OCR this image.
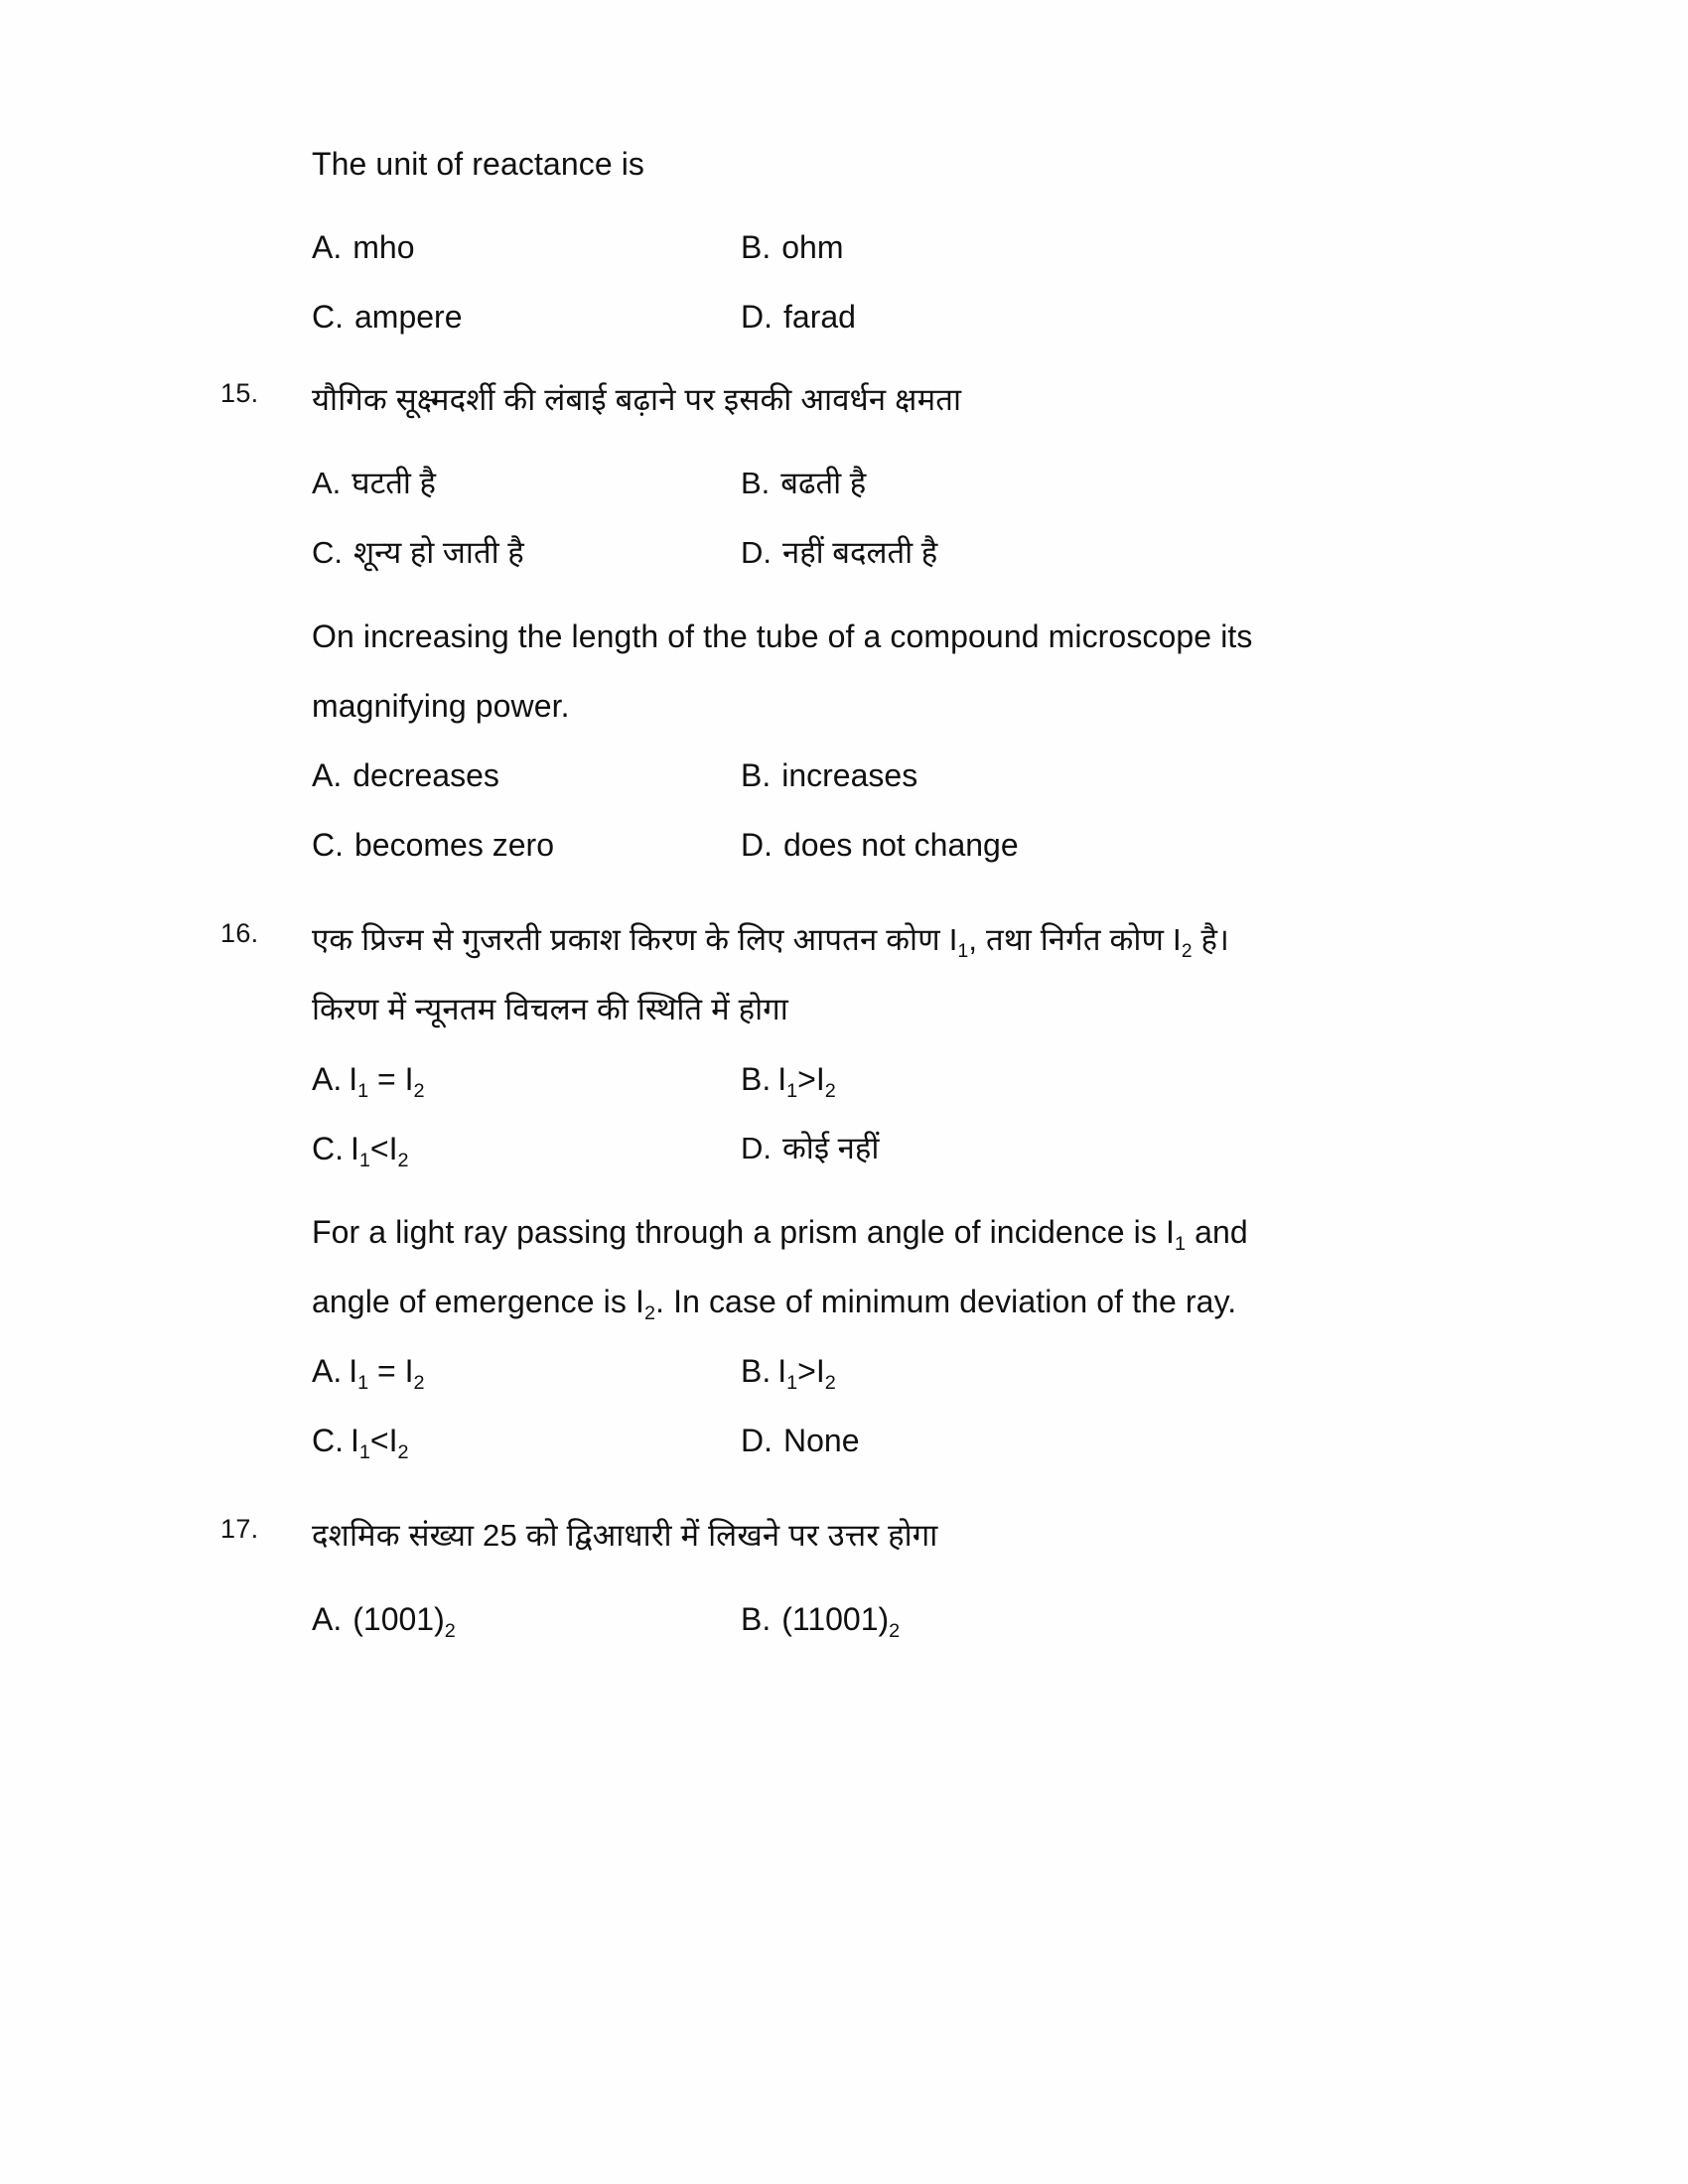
The unit of reactance is
A. mho	B. ohm
C. ampere	D. farad
15.	यौगिक सूक्ष्मदर्शी की लंबाई बढ़ाने पर इसकी आवर्धन क्षमता
A. घटती है	B. बढती है
C. शून्य हो जाती है	D. नहीं बदलती है
On increasing the length of the tube of a compound microscope its
magnifying power.
A. decreases	B. increases
C. becomes zero	D. does not change
16.	एक प्रिज्म से गुजरती प्रकाश किरण के लिए आपतन कोण $I_1$, तथा निर्गत कोण $I_2$ है।
किरण में न्यूनतम विचलन की स्थिति में होगा
A. $I_1 = I_2$	B. $I_1>I_2$
C. $I_1<I_2$	D. कोई नहीं
For a light ray passing through a prism angle of incidence is $I_1$ and
angle of emergence is $I_2$. In case of minimum deviation of the ray.
A. $I_1 = I_2$	B. $I_1>I_2$
C. $I_1<I_2$	D. None
17.	दशमिक संख्या 25 को द्विआधारी में लिखने पर उत्तर होगा
A. $(1001)_2$	B. $(11001)_2$
